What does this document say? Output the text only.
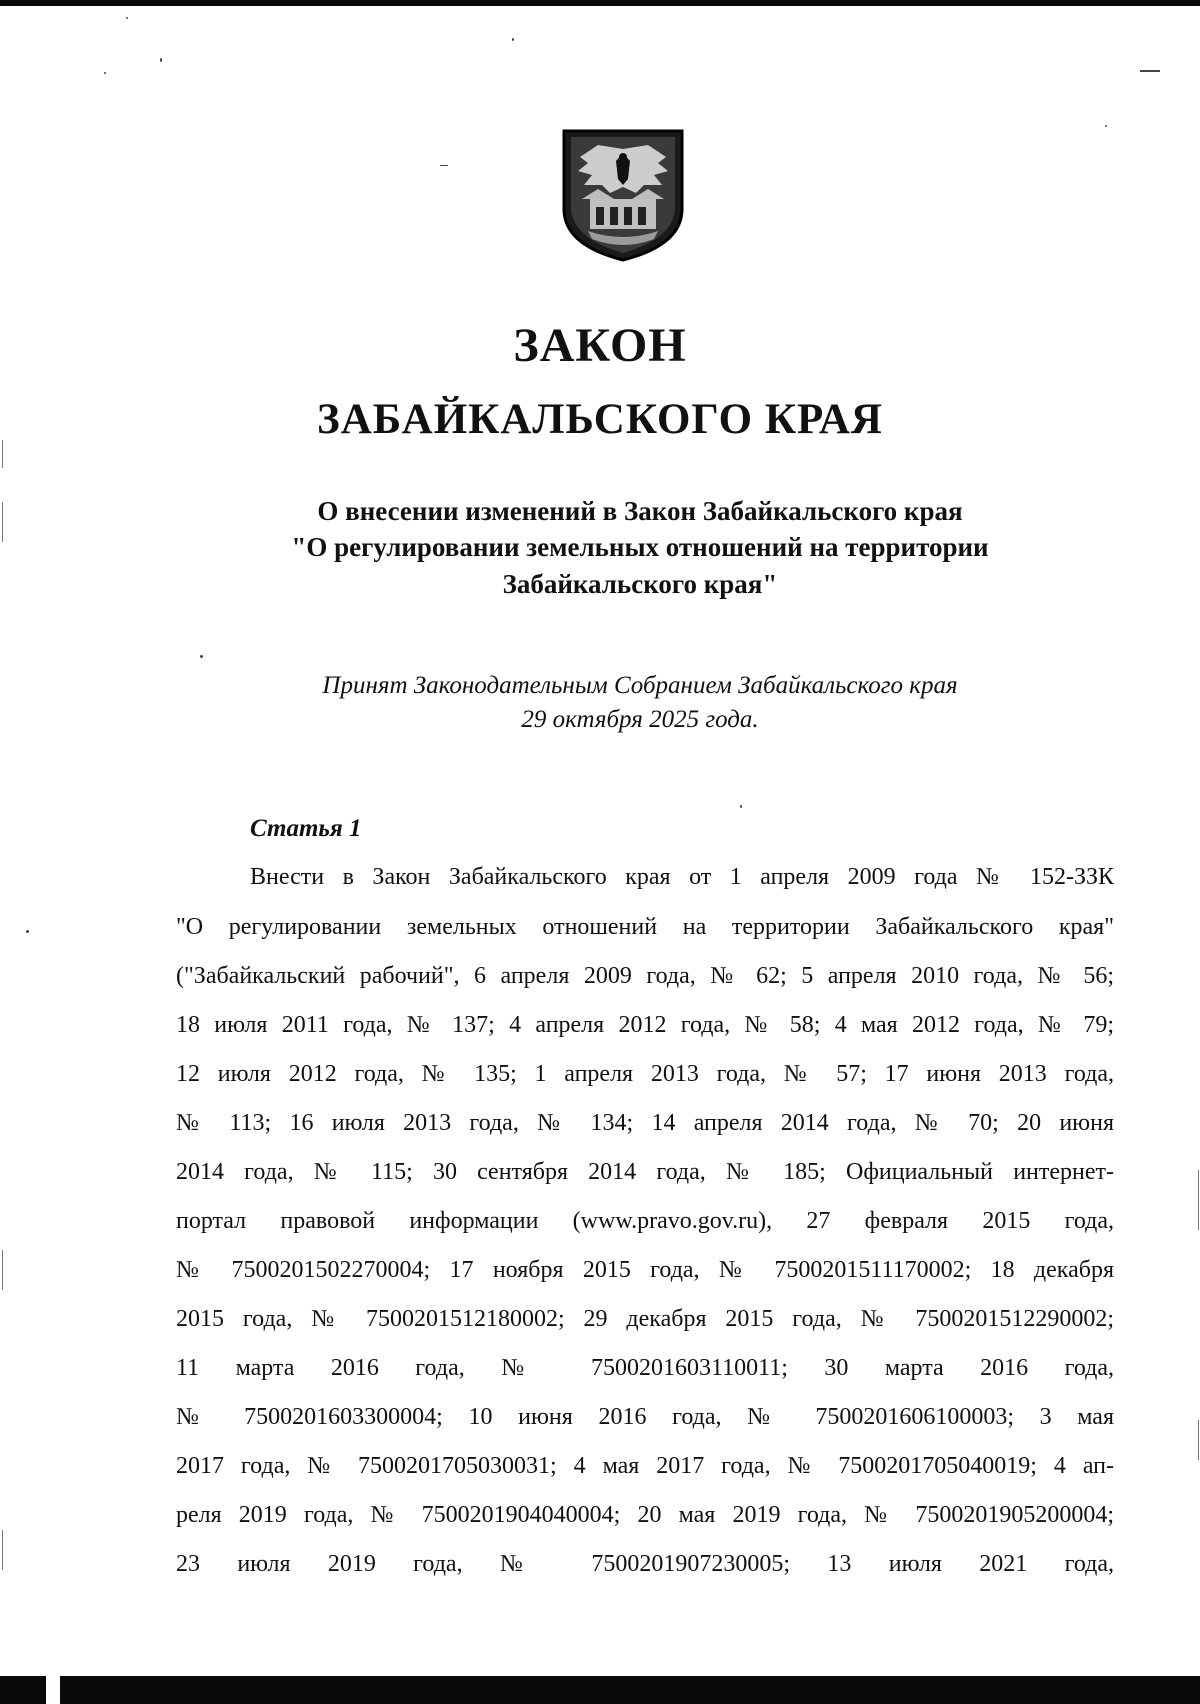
ЗАКОН
ЗАБАЙКАЛЬСКОГО КРАЯ

О внесении изменений в Закон Забайкальского края

"О регулировании земельных отношений на территории

Забайкальского края"

Принят Законодательным Собранием Забайкальского края

29 октября 2025 года.

Статья 1

Внести в Закон Забайкальского края от 1 апреля 2009 года № 152-ЗЗК

"О регулировании земельных отношений на территории Забайкальского края"

("Забайкальский рабочий", 6 апреля 2009 года, № 62; 5 апреля 2010 года, № 56;

18 июля 2011 года, № 137; 4 апреля 2012 года, № 58; 4 мая 2012 года, № 79;

12 июля 2012 года, № 135; 1 апреля 2013 года, № 57; 17 июня 2013 года,

№ 113; 16 июля 2013 года, № 134; 14 апреля 2014 года, № 70; 20 июня

2014 года, № 115; 30 сентября 2014 года, № 185; Официальный интернет-

портал правовой информации (www.pravo.gov.ru), 27 февраля 2015 года,

№ 7500201502270004; 17 ноября 2015 года, № 7500201511170002; 18 декабря

2015 года, № 7500201512180002; 29 декабря 2015 года, № 7500201512290002;

11 марта 2016 года, № 7500201603110011; 30 марта 2016 года,

№ 7500201603300004; 10 июня 2016 года, № 7500201606100003; 3 мая

2017 года, № 7500201705030031; 4 мая 2017 года, № 7500201705040019; 4 ап-

реля 2019 года, № 7500201904040004; 20 мая 2019 года, № 7500201905200004;

23 июля 2019 года, № 7500201907230005; 13 июля 2021 года,
